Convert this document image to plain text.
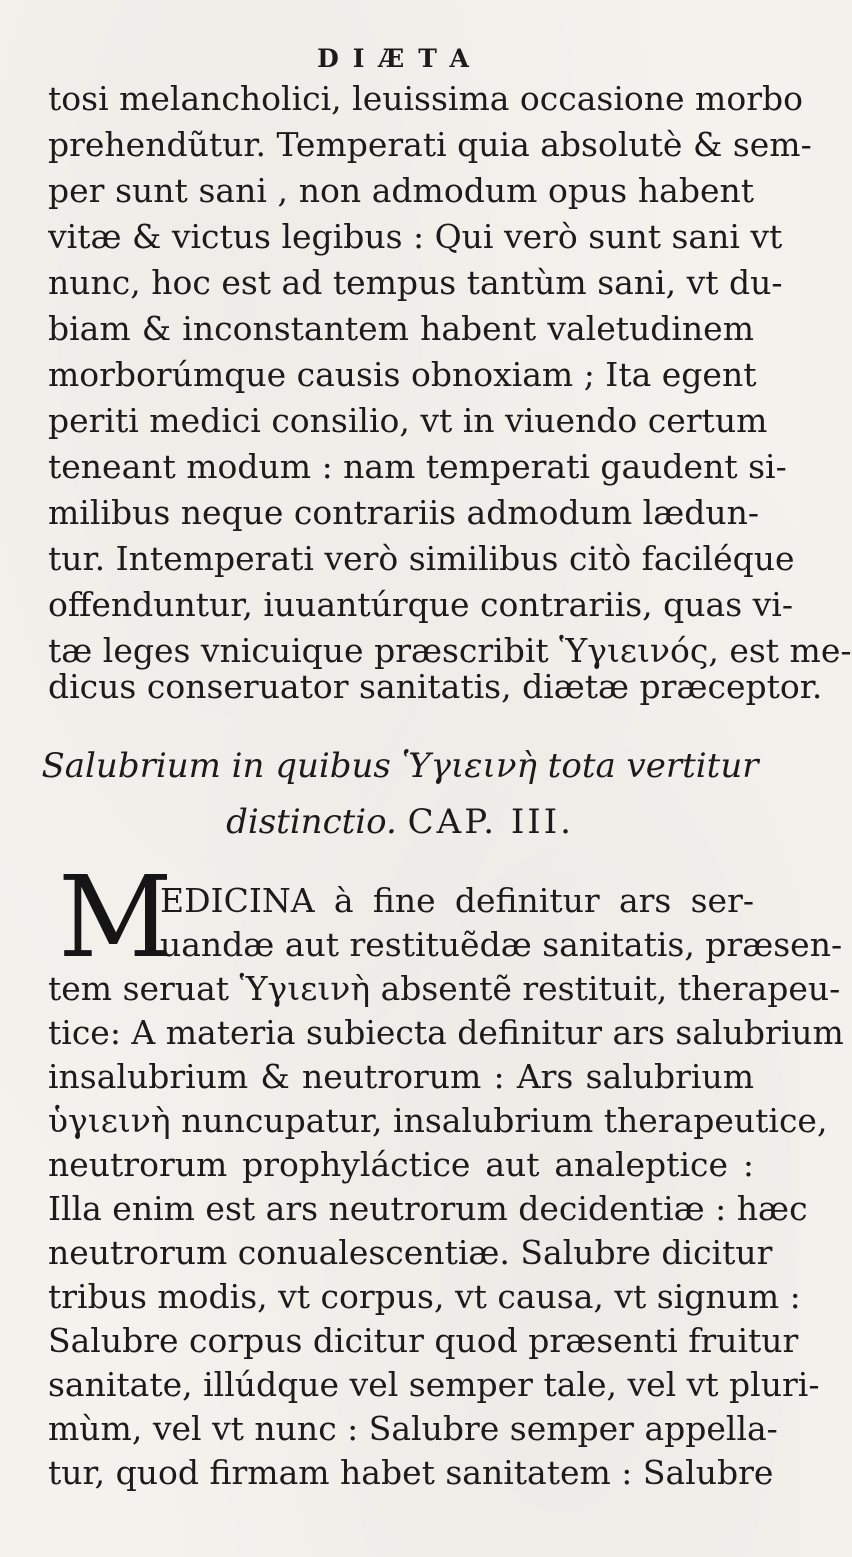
DIÆTA
tosi melancholici, leuissima occasione morbo
prehendũtur. Temperati quia absolutè & sem-
per sunt sani , non admodum opus habent
vitæ & victus legibus : Qui verò sunt sani vt
nunc, hoc est ad tempus tantùm sani, vt du-
biam & inconstantem habent valetudinem
morborúmque causis obnoxiam ; Ita egent
periti medici consilio, vt in viuendo certum
teneant modum : nam temperati gaudent si-
milibus neque contrariis admodum lædun-
tur. Intemperati verò similibus citò faciléque
offenduntur, iuuantúrque contrariis, quas vi-
tæ leges vnicuique præscribit Ὑγιεινός, est me-
dicus conseruator sanitatis, diætæ præceptor.
Salubrium in quibus Ὑγιεινὴ tota vertitur
distinctio. CAP. III.
M
EDICINA à fine definitur ars ser-
uandæ aut restituẽdæ sanitatis, præsen-
tem seruat Ὑγιεινὴ absentẽ restituit, therapeu-
tice: A materia subiecta definitur ars salubrium
insalubrium & neutrorum : Ars salubrium
ὑγιεινὴ nuncupatur, insalubrium therapeutice,
neutrorum prophyláctice aut analeptice :
Illa enim est ars neutrorum decidentiæ : hæc
neutrorum conualescentiæ. Salubre dicitur
tribus modis, vt corpus, vt causa, vt signum :
Salubre corpus dicitur quod præsenti fruitur
sanitate, illúdque vel semper tale, vel vt pluri-
mùm, vel vt nunc : Salubre semper appella-
tur, quod firmam habet sanitatem : Salubre
